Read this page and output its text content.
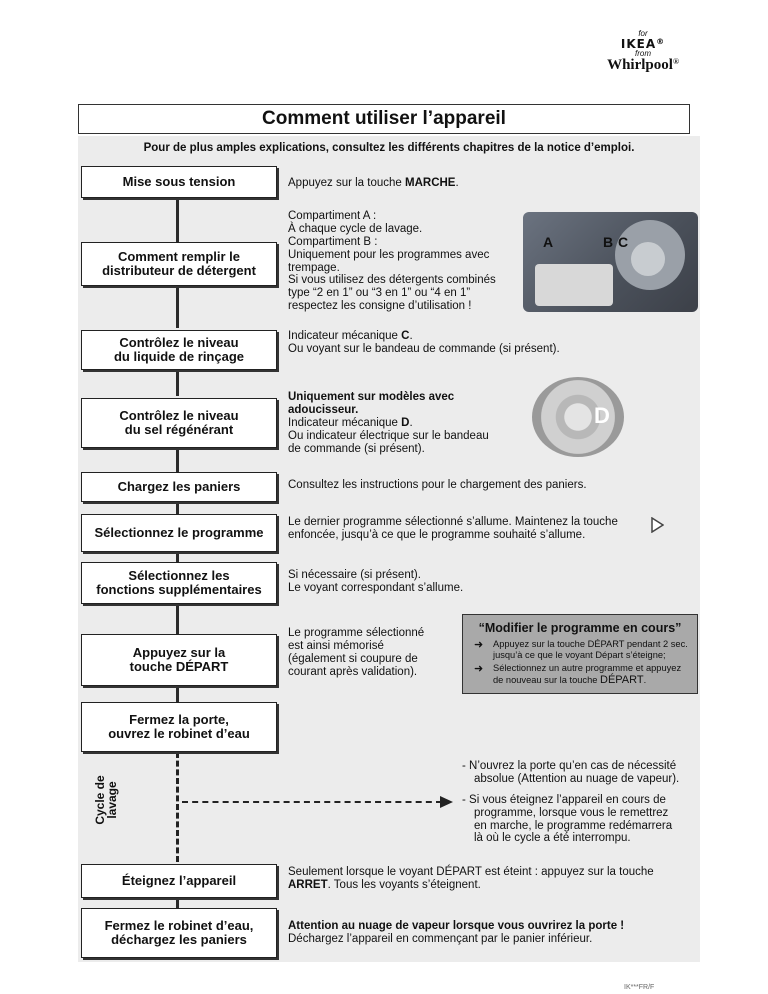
for
IKEA®
from
Whirlpool®
Comment utiliser l’appareil
Pour de plus amples explications, consultez les différents chapitres de la notice d’emploi.
Mise sous tension	Appuyez sur la touche MARCHE.
Comment remplir le
distributeur de détergent
Compartiment A :
À chaque cycle de lavage.
Compartiment B :
Uniquement pour les programmes avec
trempage.
Si vous utilisez des détergents combinés
type “2 en 1” ou “3 en 1” ou “4 en 1”
respectez les consigne d’utilisation !
A	B C
Contrôlez le niveau
du liquide de rinçage
Indicateur mécanique C.
Ou voyant sur le bandeau de commande (si présent).
Contrôlez le niveau
du sel régénérant
Uniquement sur modèles avec
adoucisseur.
Indicateur mécanique D.
Ou indicateur électrique sur le bandeau
de commande (si présent).
D
Chargez les paniers	Consultez les instructions pour le chargement des paniers.
Sélectionnez le programme
Le dernier programme sélectionné s’allume. Maintenez la touche
enfoncée, jusqu’à ce que le programme souhaité s’allume.
Sélectionnez les
fonctions supplémentaires
Si nécessaire (si présent).
Le voyant correspondant s’allume.
Appuyez sur la
touche DÉPART
Le programme sélectionné
est ainsi mémorisé
(également si coupure de
courant après validation).
“Modifier le programme en cours”
➜ Appuyez sur la touche DÉPART pendant 2 sec.
jusqu’à ce que le voyant Départ s’éteigne;
➜ Sélectionnez un autre programme et appuyez
de nouveau sur la touche DÉPART.
Fermez la porte,
ouvrez le robinet d’eau
Cycle de
lavage
- N’ouvrez la porte qu’en cas de nécessité
absolue (Attention au nuage de vapeur).
- Si vous éteignez l’appareil en cours de
programme, lorsque vous le remettrez
en marche, le programme redémarrera
là où le cycle a été interrompu.
Éteignez l’appareil
Seulement lorsque le voyant DÉPART est éteint : appuyez sur la touche
ARRET. Tous les voyants s’éteignent.
Fermez le robinet d’eau,
déchargez les paniers
Attention au nuage de vapeur lorsque vous ouvrirez la porte !
Déchargez l’appareil en commençant par le panier inférieur.
IK***FR/F
